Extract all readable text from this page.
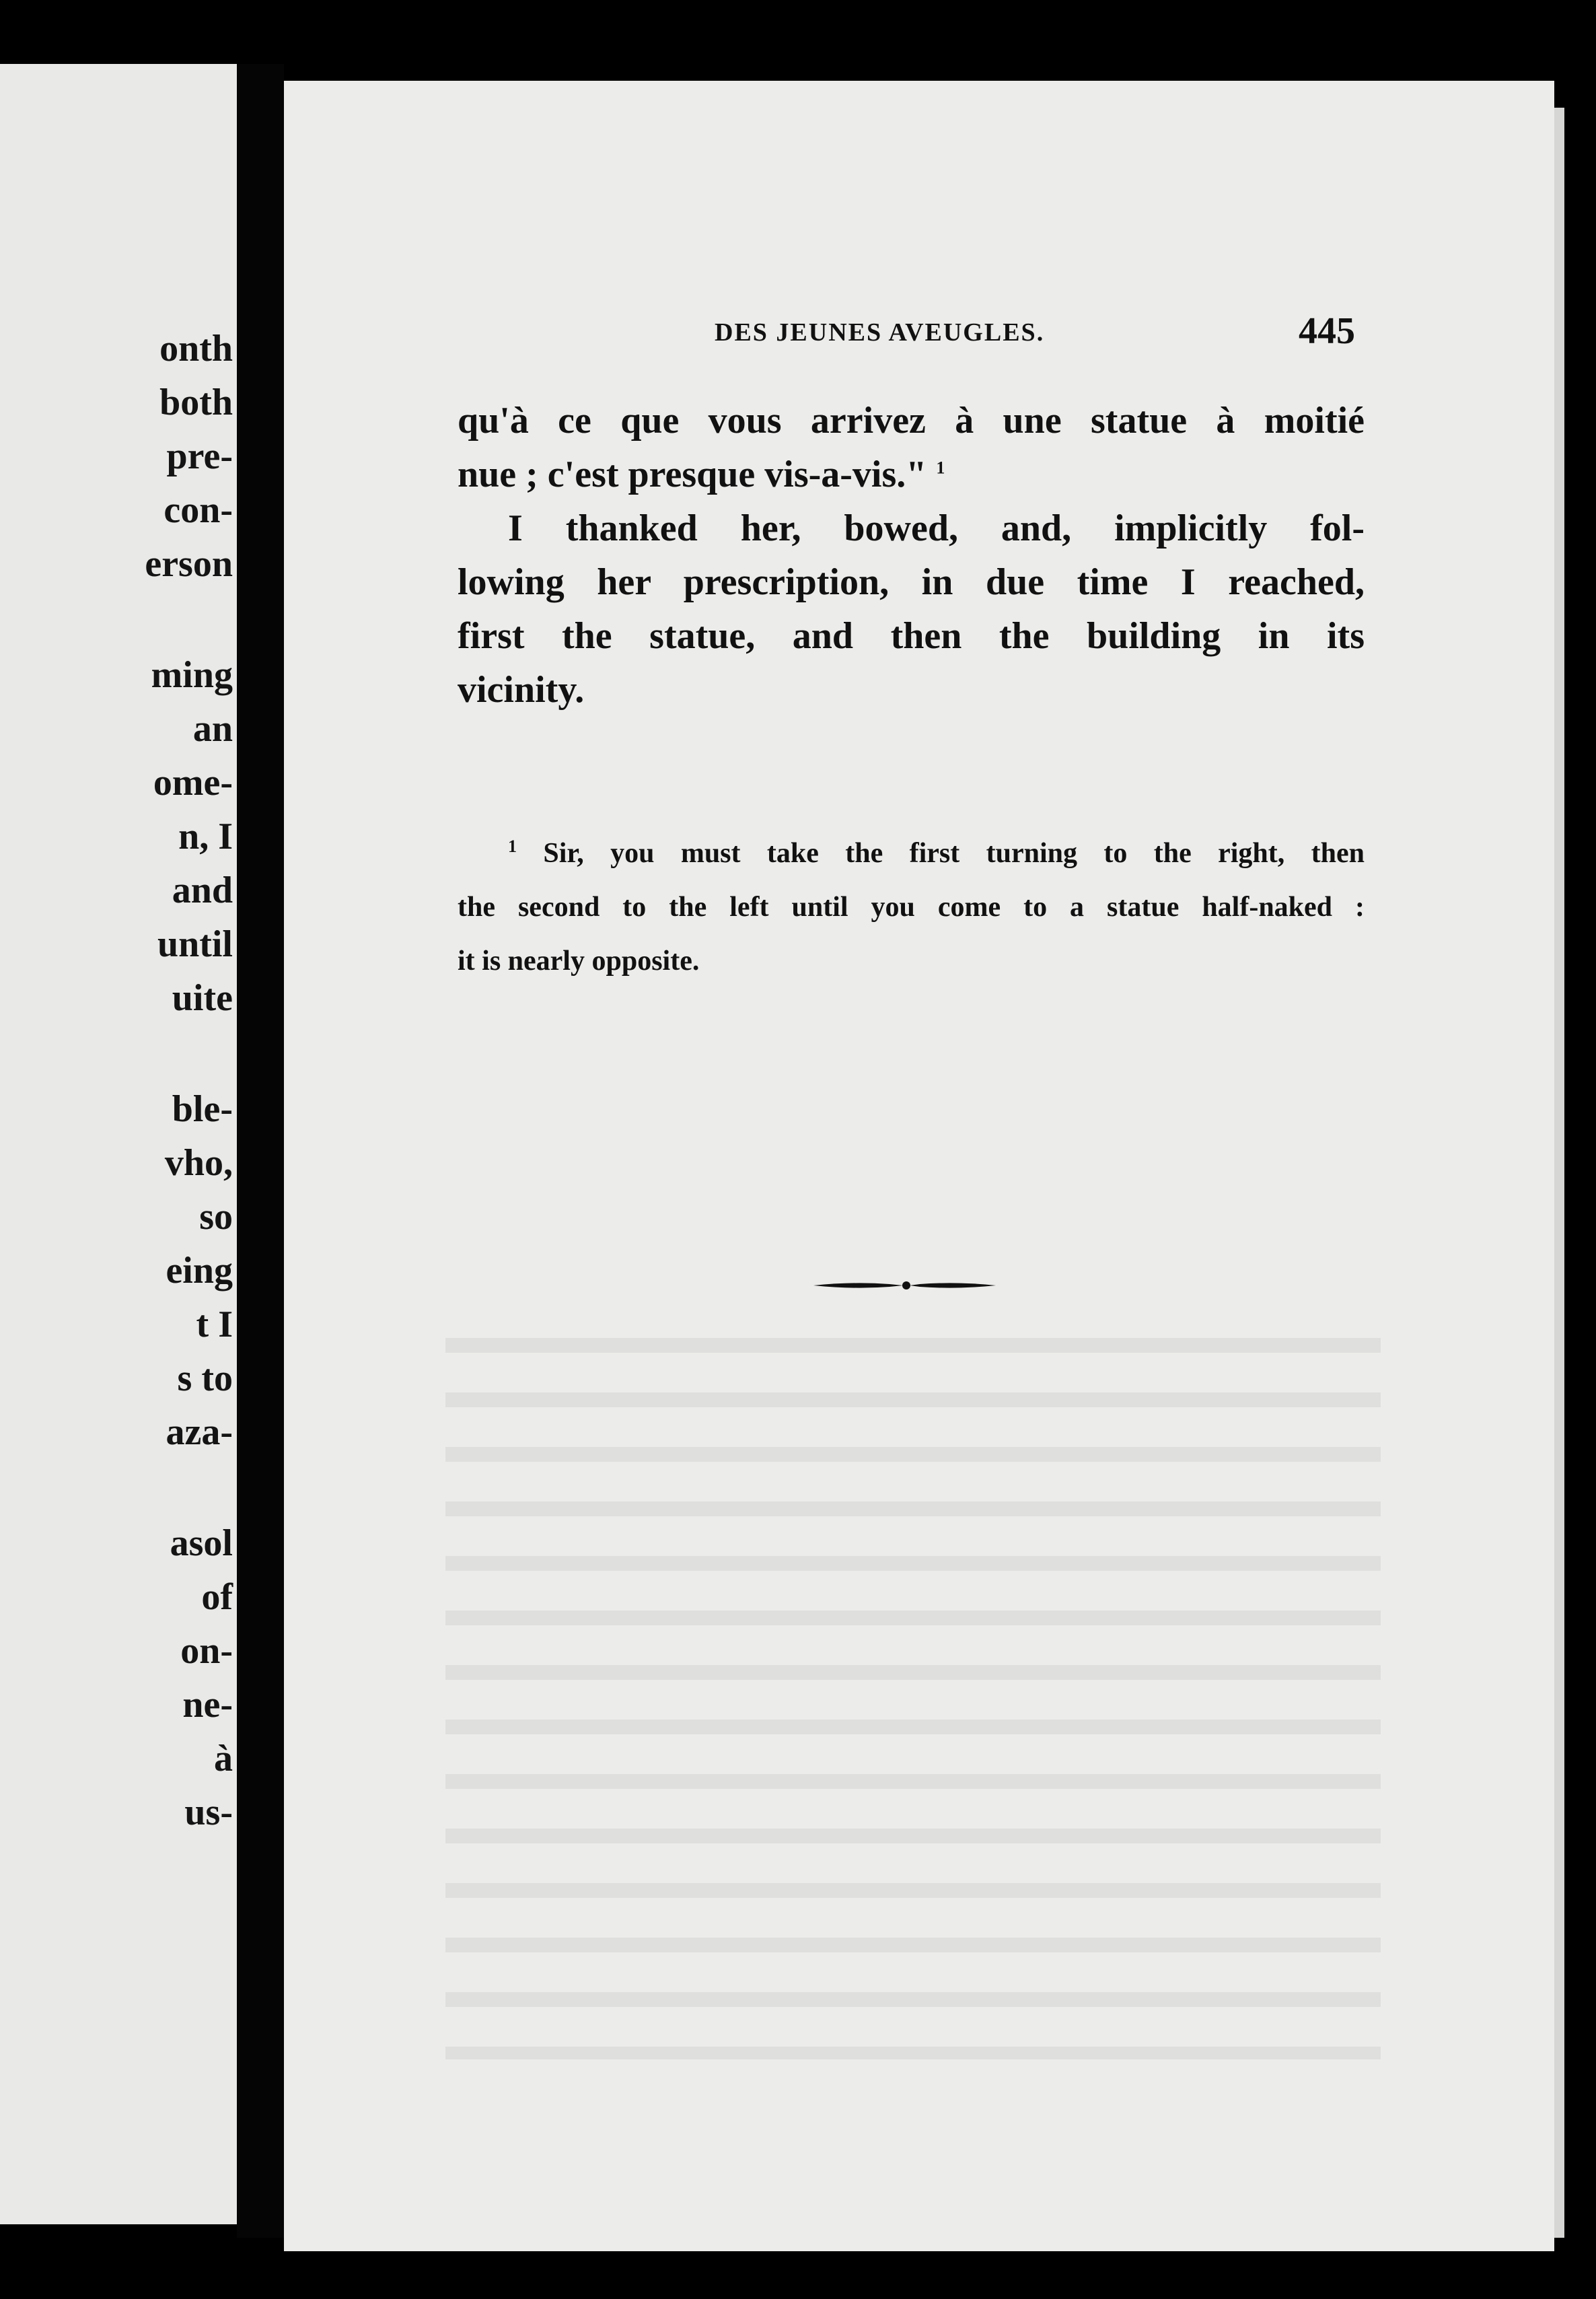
onth
both
pre-
con-
erson
ming
an
ome-
n, I
and
until
uite
ble-
vho,
so
eing
t I
s to
aza-
asol
of
on-
ne-
à
us-
DES JEUNES AVEUGLES.	445
qu'à ce que vous arrivez à une statue à moitié
nue ; c'est presque vis-a-vis." $^1$
I thanked her, bowed, and, implicitly fol-
lowing her prescription, in due time I reached,
first the statue, and then the building in its
vicinity.
$^1$ Sir, you must take the first turning to the right, then
the second to the left until you come to a statue half-naked :
it is nearly opposite.
